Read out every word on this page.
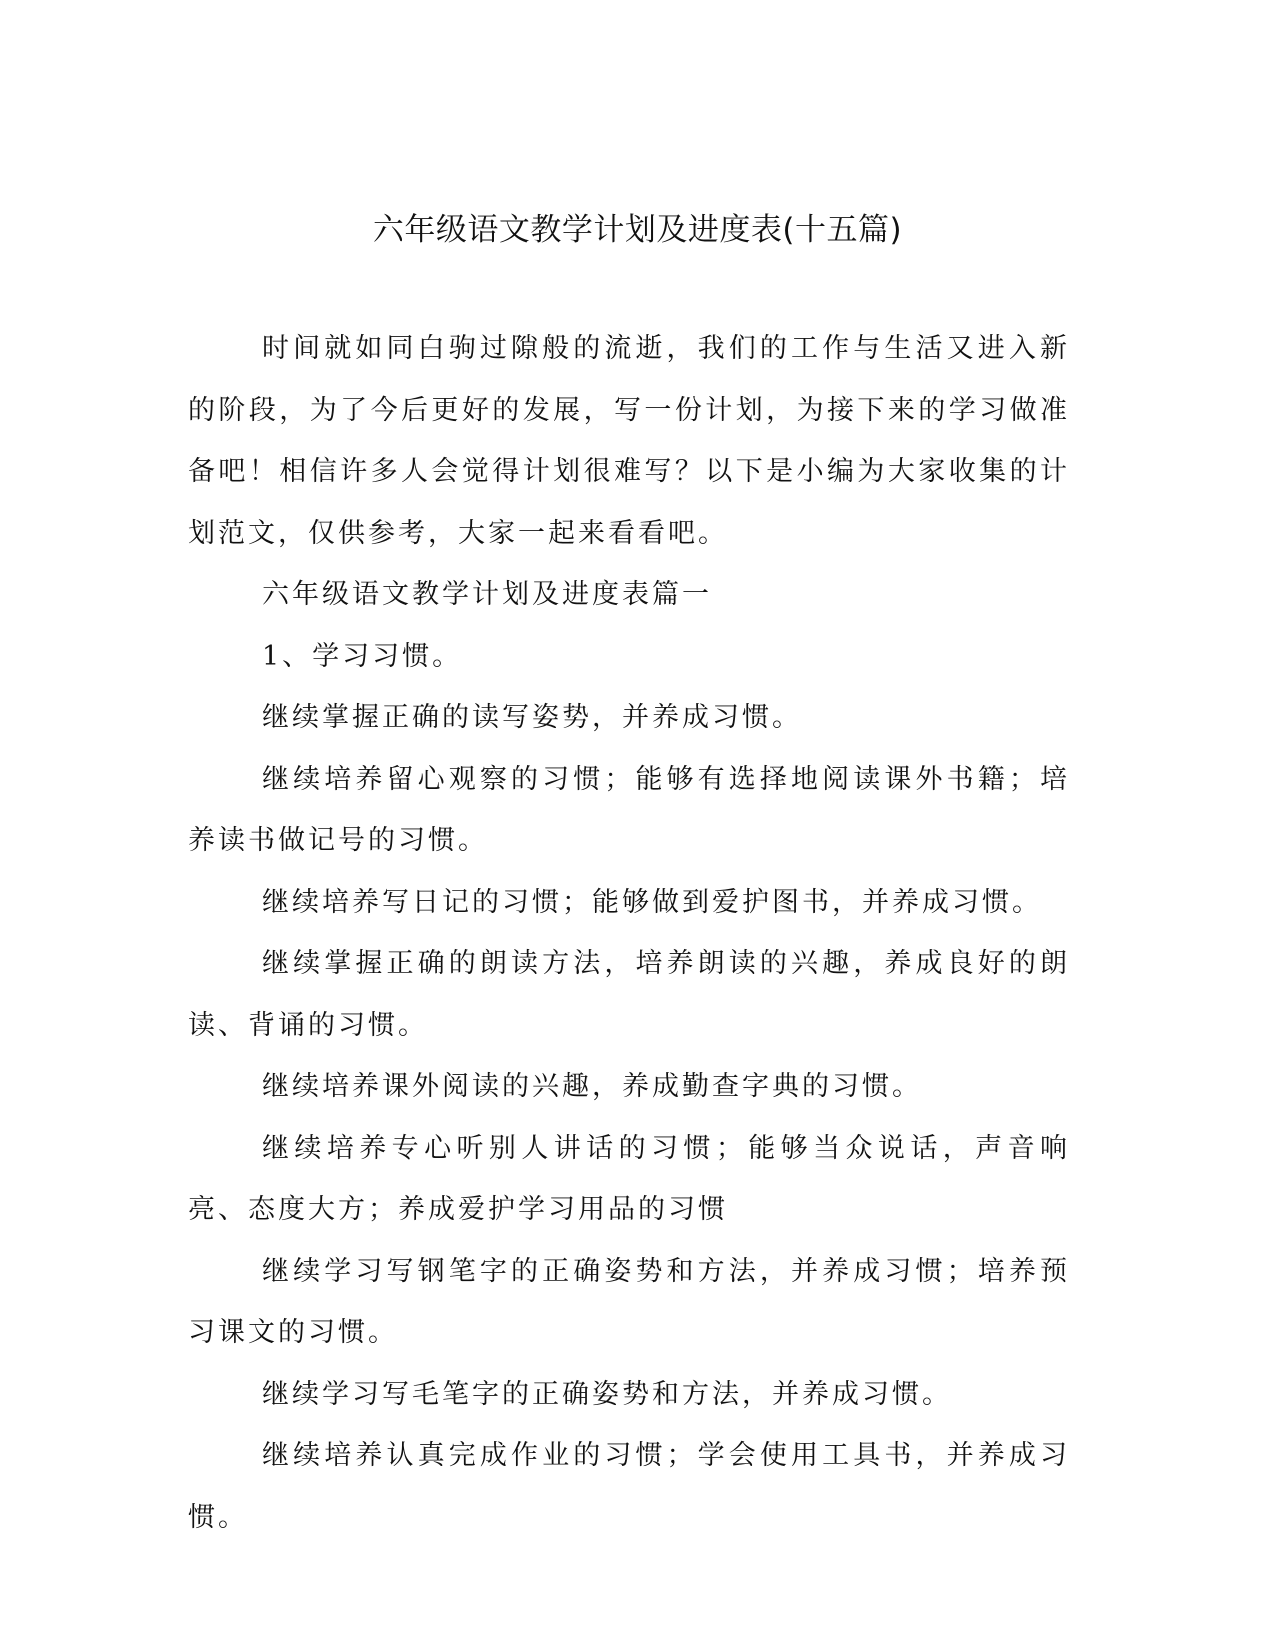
六年级语文教学计划及进度表(十五篇)

时间就如同白驹过隙般的流逝，我们的工作与生活又进入新的阶段，为了今后更好的发展，写一份计划，为接下来的学习做准备吧！相信许多人会觉得计划很难写？以下是小编为大家收集的计划范文，仅供参考，大家一起来看看吧。

六年级语文教学计划及进度表篇一

1、学习习惯。

继续掌握正确的读写姿势，并养成习惯。

继续培养留心观察的习惯；能够有选择地阅读课外书籍；培养读书做记号的习惯。

继续培养写日记的习惯；能够做到爱护图书，并养成习惯。

继续掌握正确的朗读方法，培养朗读的兴趣，养成良好的朗读、背诵的习惯。

继续培养课外阅读的兴趣，养成勤查字典的习惯。

继续培养专心听别人讲话的习惯；能够当众说话，声音响亮、态度大方；养成爱护学习用品的习惯

继续学习写钢笔字的正确姿势和方法，并养成习惯；培养预习课文的习惯。

继续学习写毛笔字的正确姿势和方法，并养成习惯。

继续培养认真完成作业的习惯；学会使用工具书，并养成习惯。
